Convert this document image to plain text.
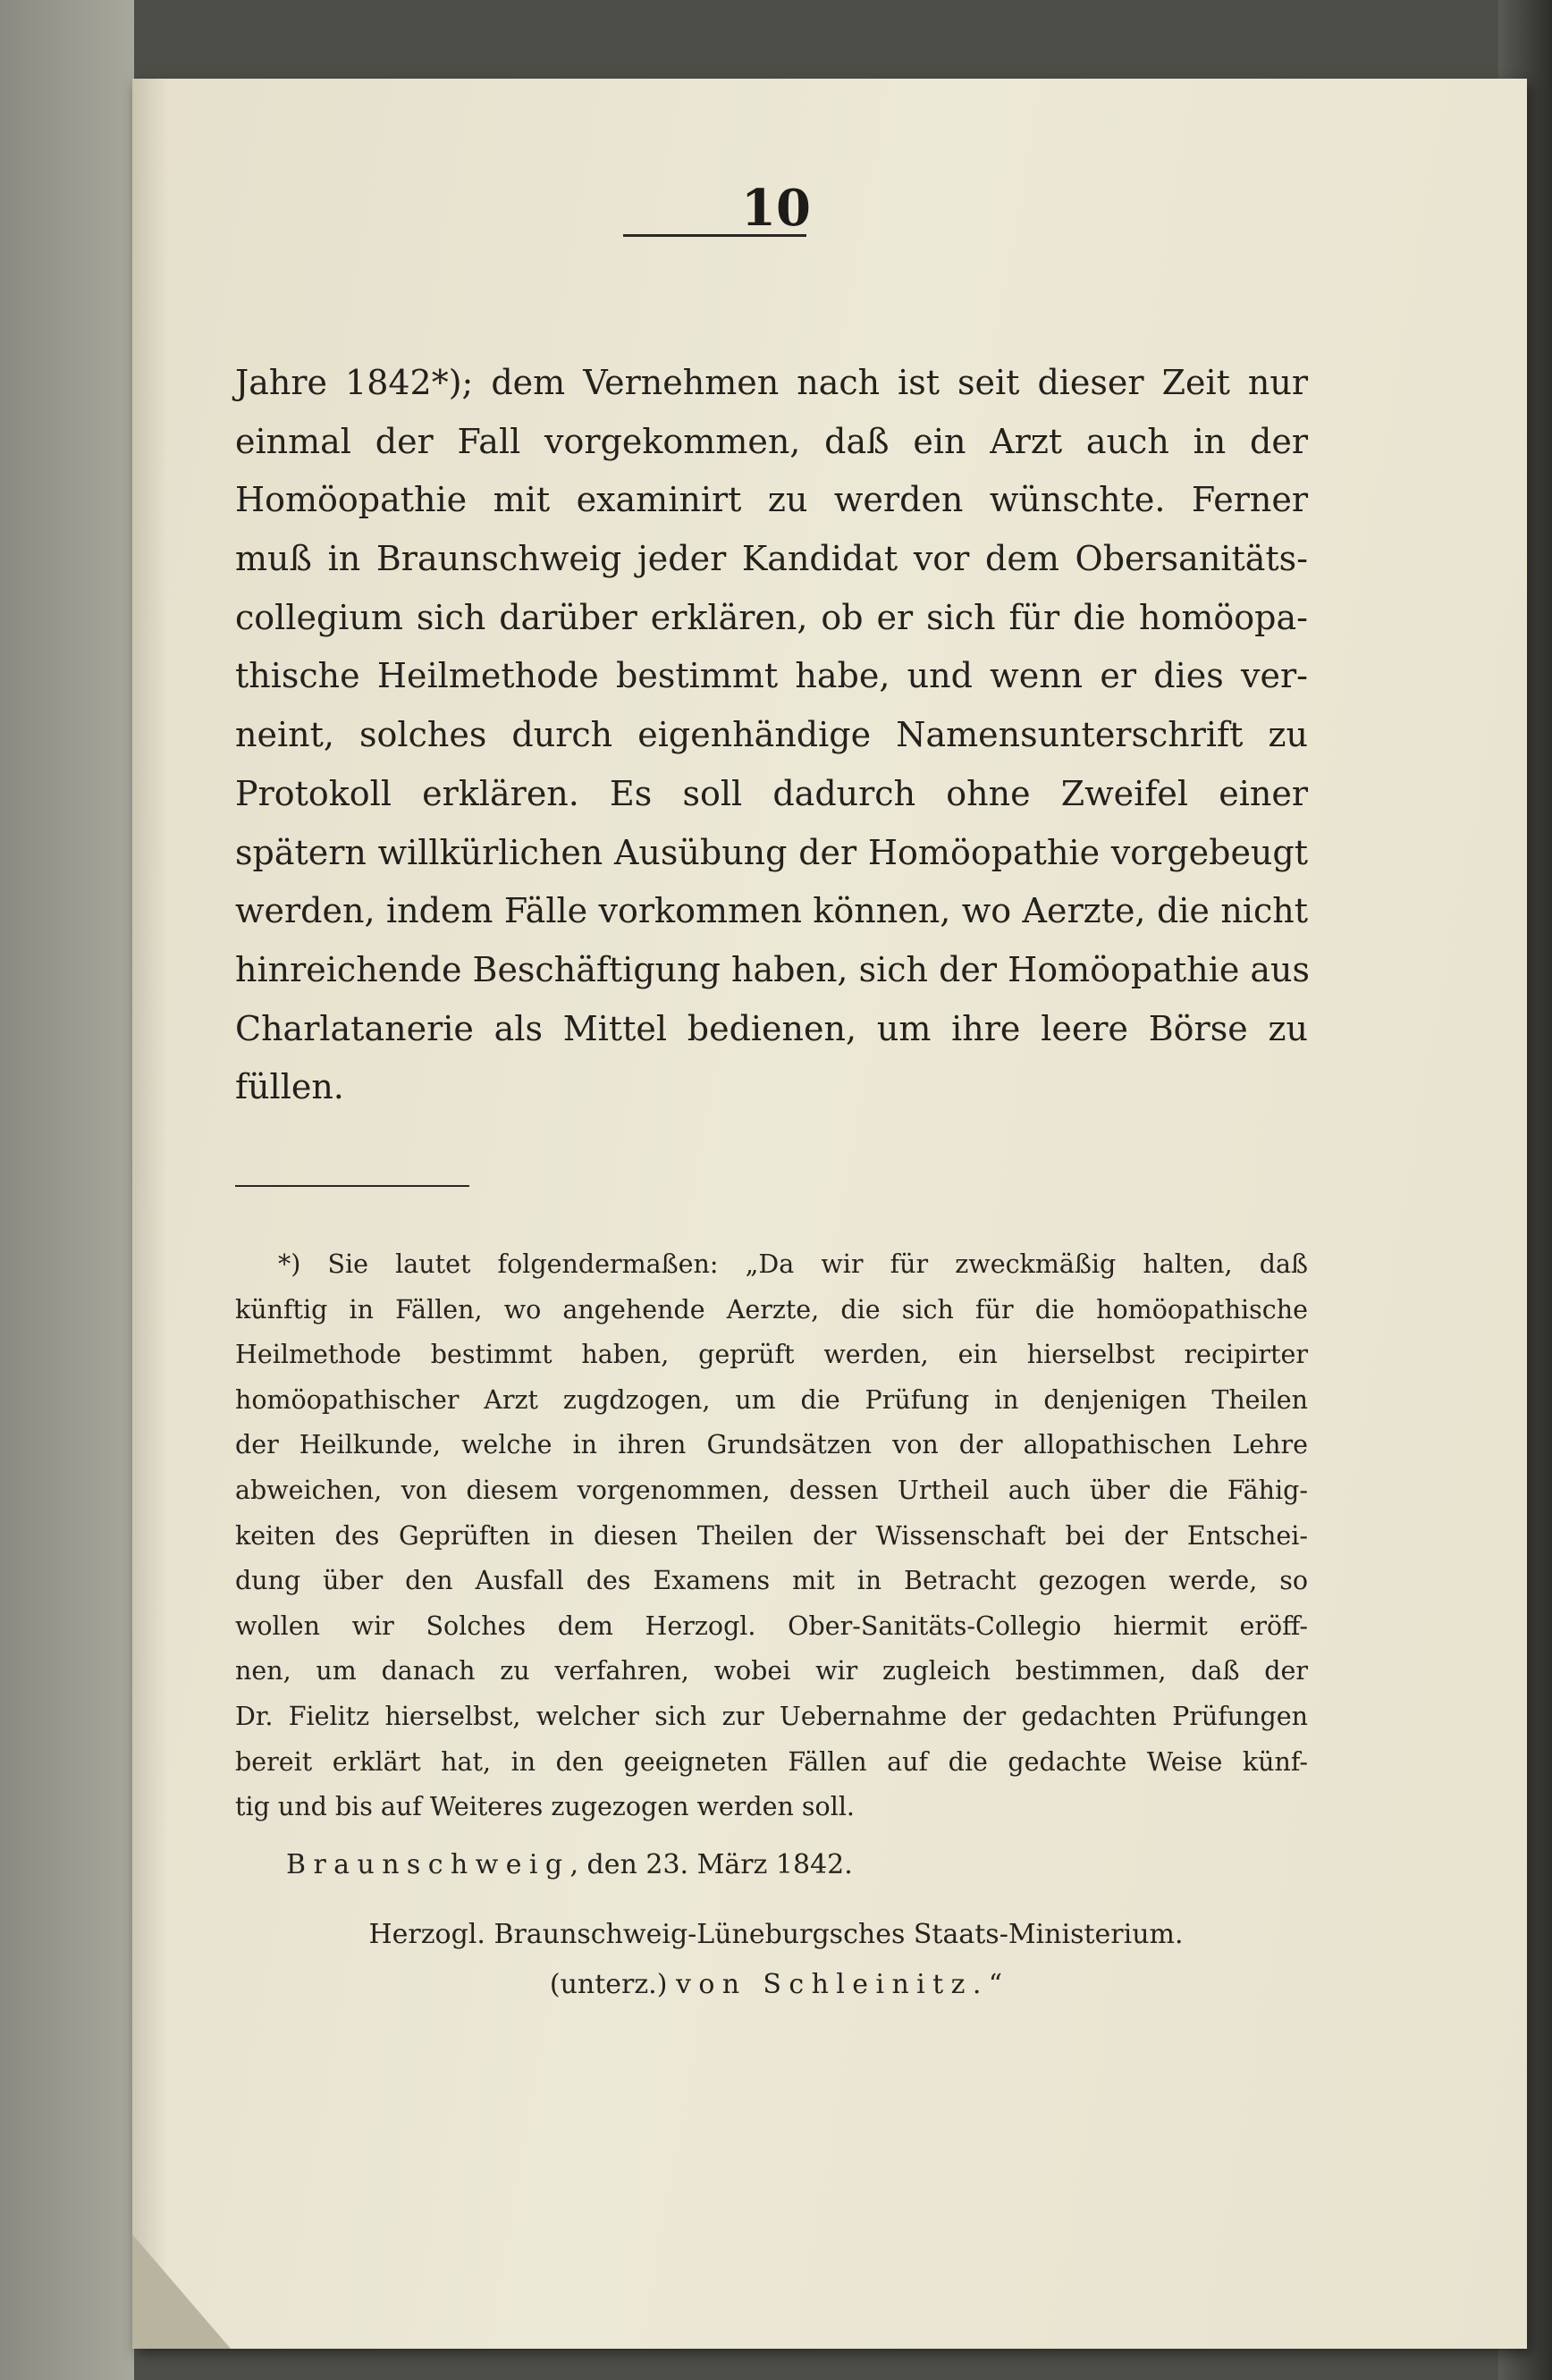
10
Jahre 1842*); dem Vernehmen nach ist seit dieser Zeit nur
einmal der Fall vorgekommen, daß ein Arzt auch in der
Homöopathie mit examinirt zu werden wünschte. Ferner
muß in Braunschweig jeder Kandidat vor dem Obersanitäts-
collegium sich darüber erklären, ob er sich für die homöopa-
thische Heilmethode bestimmt habe, und wenn er dies ver-
neint, solches durch eigenhändige Namensunterschrift zu
Protokoll erklären. Es soll dadurch ohne Zweifel einer
spätern willkürlichen Ausübung der Homöopathie vorgebeugt
werden, indem Fälle vorkommen können, wo Aerzte, die nicht
hinreichende Beschäftigung haben, sich der Homöopathie aus
Charlatanerie als Mittel bedienen, um ihre leere Börse zu
füllen.
*) Sie lautet folgendermaßen: „Da wir für zweckmäßig halten, daß
künftig in Fällen, wo angehende Aerzte, die sich für die homöopathische
Heilmethode bestimmt haben, geprüft werden, ein hierselbst recipirter
homöopathischer Arzt zugdzogen, um die Prüfung in denjenigen Theilen
der Heilkunde, welche in ihren Grundsätzen von der allopathischen Lehre
abweichen, von diesem vorgenommen, dessen Urtheil auch über die Fähig-
keiten des Geprüften in diesen Theilen der Wissenschaft bei der Entschei-
dung über den Ausfall des Examens mit in Betracht gezogen werde, so
wollen wir Solches dem Herzogl. Ober-Sanitäts-Collegio hiermit eröff-
nen, um danach zu verfahren, wobei wir zugleich bestimmen, daß der
Dr. Fielitz hierselbst, welcher sich zur Uebernahme der gedachten Prüfungen
bereit erklärt hat, in den geeigneten Fällen auf die gedachte Weise künf-
tig und bis auf Weiteres zugezogen werden soll.
Braunschweig, den 23. März 1842.
Herzogl. Braunschweig-Lüneburgsches Staats-Ministerium.
(unterz.) von Schleinitz.“
